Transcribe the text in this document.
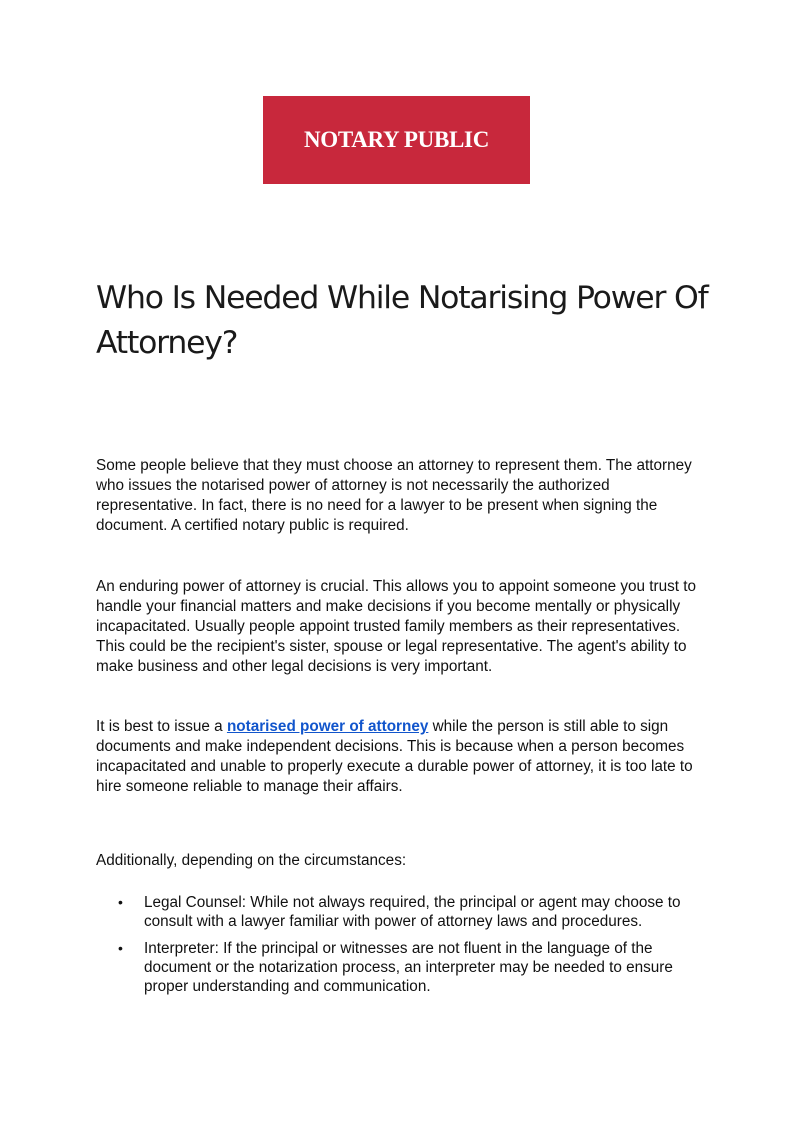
NOTARY PUBLIC
Who Is Needed While Notarising Power Of Attorney?

Some people believe that they must choose an attorney to represent them. The attorney who issues the notarised power of attorney is not necessarily the authorized representative. In fact, there is no need for a lawyer to be present when signing the document. A certified notary public is required.

An enduring power of attorney is crucial. This allows you to appoint someone you trust to handle your financial matters and make decisions if you become mentally or physically incapacitated. Usually people appoint trusted family members as their representatives. This could be the recipient's sister, spouse or legal representative. The agent's ability to make business and other legal decisions is very important.

It is best to issue a notarised power of attorney while the person is still able to sign documents and make independent decisions. This is because when a person becomes incapacitated and unable to properly execute a durable power of attorney, it is too late to hire someone reliable to manage their affairs.

Additionally, depending on the circumstances:

• Legal Counsel: While not always required, the principal or agent may choose to consult with a lawyer familiar with power of attorney laws and procedures.
• Interpreter: If the principal or witnesses are not fluent in the language of the document or the notarization process, an interpreter may be needed to ensure proper understanding and communication.
